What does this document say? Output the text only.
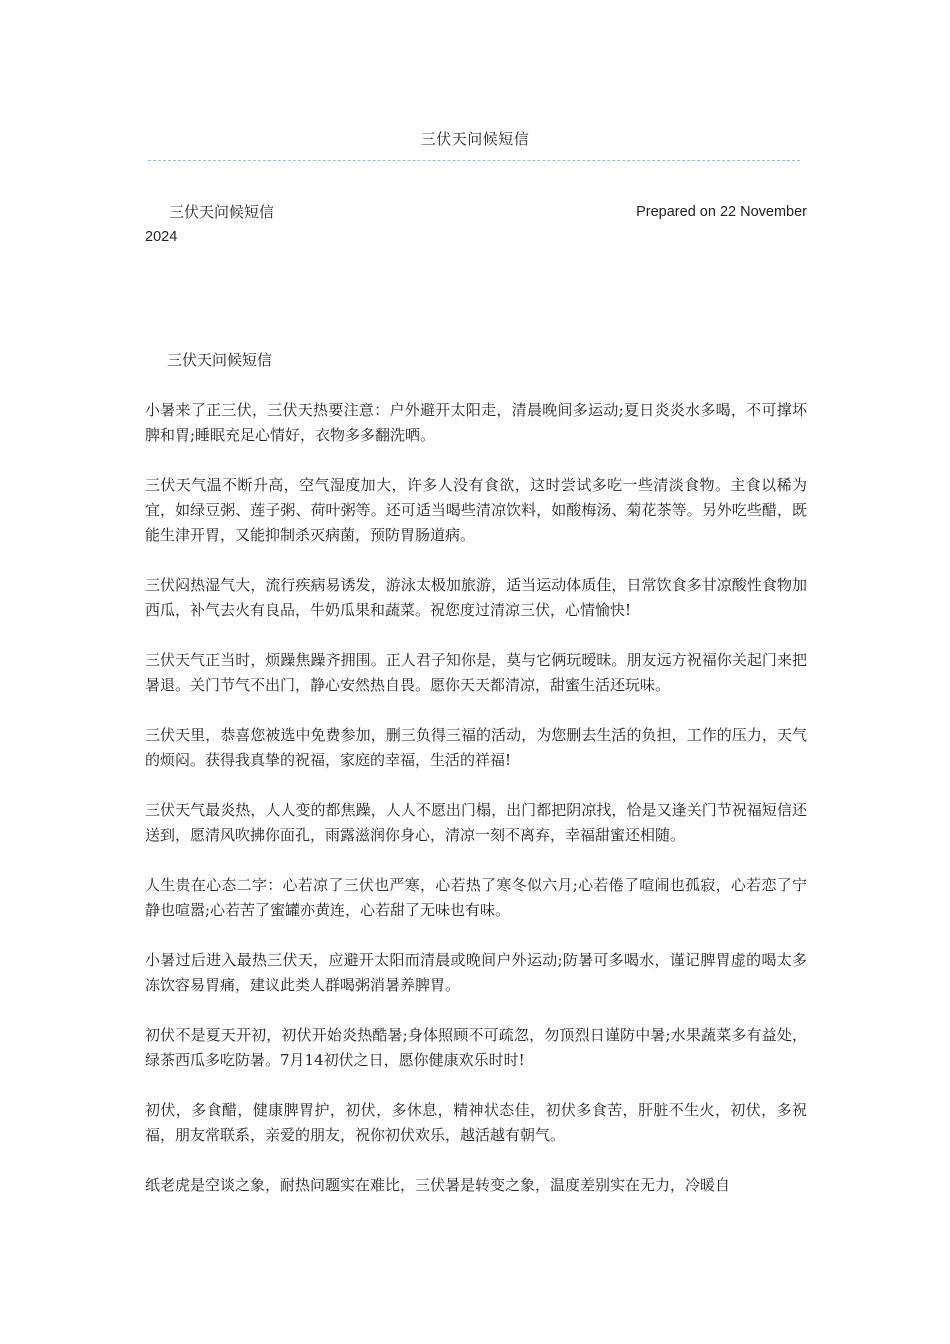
三伏天问候短信
三伏天问候短信	Prepared on 22 November
2024

三伏天问候短信

小暑来了正三伏，三伏天热要注意：户外避开太阳走，清晨晚间多运动;夏日炎炎水多喝，不可撑坏脾和胃;睡眠充足心情好，衣物多多翻洗晒。

三伏天气温不断升高，空气湿度加大，许多人没有食欲，这时尝试多吃一些清淡食物。主食以稀为宜，如绿豆粥、莲子粥、荷叶粥等。还可适当喝些清凉饮料，如酸梅汤、菊花茶等。另外吃些醋，既能生津开胃，又能抑制杀灭病菌，预防胃肠道病。

三伏闷热湿气大，流行疾病易诱发，游泳太极加旅游，适当运动体质佳，日常饮食多甘凉酸性食物加西瓜，补气去火有良品，牛奶瓜果和蔬菜。祝您度过清凉三伏，心情愉快!

三伏天气正当时，烦躁焦躁齐拥围。正人君子知你是，莫与它俩玩暧昧。朋友远方祝福你关起门来把暑退。关门节气不出门，静心安然热自畏。愿你天天都清凉，甜蜜生活还玩味。

三伏天里，恭喜您被选中免费参加，删三负得三福的活动，为您删去生活的负担，工作的压力，天气的烦闷。获得我真挚的祝福，家庭的幸福，生活的祥福!

三伏天气最炎热，人人变的都焦躁，人人不愿出门榻，出门都把阴凉找，恰是又逢关门节祝福短信还送到，愿清风吹拂你面孔，雨露滋润你身心，清凉一刻不离弃，幸福甜蜜还相随。

人生贵在心态二字：心若凉了三伏也严寒，心若热了寒冬似六月;心若倦了喧闹也孤寂，心若恋了宁静也喧嚣;心若苦了蜜罐亦黄连，心若甜了无味也有味。

小暑过后进入最热三伏天，应避开太阳而清晨或晚间户外运动;防暑可多喝水，谨记脾胃虚的喝太多冻饮容易胃痛，建议此类人群喝粥消暑养脾胃。

初伏不是夏天开初，初伏开始炎热酷暑;身体照顾不可疏忽，勿顶烈日谨防中暑;水果蔬菜多有益处，绿茶西瓜多吃防暑。7月14初伏之日，愿你健康欢乐时时!

初伏，多食醋，健康脾胃护，初伏，多休息，精神状态佳，初伏多食苦，肝脏不生火，初伏，多祝福，朋友常联系，亲爱的朋友，祝你初伏欢乐，越活越有朝气。

纸老虎是空谈之象，耐热问题实在难比，三伏暑是转变之象，温度差别实在无力，冷暖自
